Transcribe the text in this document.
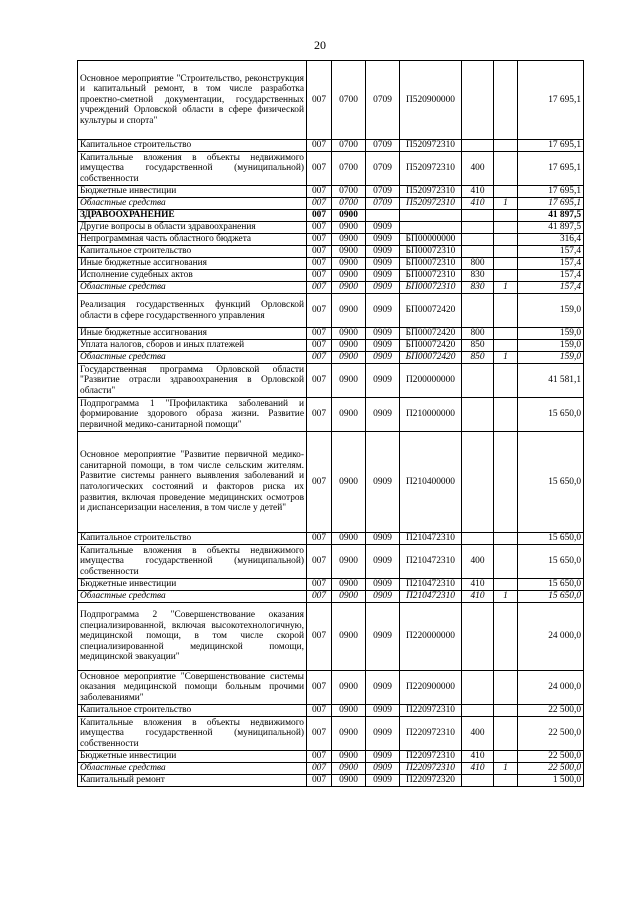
20
Основное мероприятие "Строительство, реконструкция и капитальный ремонт, в том числе разработка проектно-сметной документации, государственных учреждений Орловской области в сфере физической культуры и спорта"	007	0700	0709	П520900000			17 695,1
Капитальное строительство	007	0700	0709	П520972310			17 695,1
Капитальные вложения в объекты недвижимого имущества государственной (муниципальной) собственности	007	0700	0709	П520972310	400		17 695,1
Бюджетные инвестиции	007	0700	0709	П520972310	410		17 695,1
Областные средства	007	0700	0709	П520972310	410	1	17 695,1
ЗДРАВООХРАНЕНИЕ	007	0900					41 897,5
Другие вопросы в области здравоохранения	007	0900	0909				41 897,5
Непрограммная часть областного бюджета	007	0900	0909	БП00000000			316,4
Капитальное строительство	007	0900	0909	БП00072310			157,4
Иные бюджетные ассигнования	007	0900	0909	БП00072310	800		157,4
Исполнение судебных актов	007	0900	0909	БП00072310	830		157,4
Областные средства	007	0900	0909	БП00072310	830	1	157,4
Реализация государственных функций Орловской области в сфере государственного управления	007	0900	0909	БП00072420			159,0
Иные бюджетные ассигнования	007	0900	0909	БП00072420	800		159,0
Уплата налогов, сборов и иных платежей	007	0900	0909	БП00072420	850		159,0
Областные средства	007	0900	0909	БП00072420	850	1	159,0
Государственная программа Орловской области "Развитие отрасли здравоохранения в Орловской области"	007	0900	0909	П200000000			41 581,1
Подпрограмма 1 "Профилактика заболеваний и формирование здорового образа жизни. Развитие первичной медико-санитарной помощи"	007	0900	0909	П210000000			15 650,0
Основное мероприятие "Развитие первичной медико-санитарной помощи, в том числе сельским жителям. Развитие системы раннего выявления заболеваний и патологических состояний и факторов риска их развития, включая проведение медицинских осмотров и диспансеризации населения, в том числе у детей"	007	0900	0909	П210400000			15 650,0
Капитальное строительство	007	0900	0909	П210472310			15 650,0
Капитальные вложения в объекты недвижимого имущества государственной (муниципальной) собственности	007	0900	0909	П210472310	400		15 650,0
Бюджетные инвестиции	007	0900	0909	П210472310	410		15 650,0
Областные средства	007	0900	0909	П210472310	410	1	15 650,0
Подпрограмма 2 "Совершенствование оказания специализированной, включая высокотехнологичную, медицинской помощи, в том числе скорой специализированной медицинской помощи, медицинской эвакуации"	007	0900	0909	П220000000			24 000,0
Основное мероприятие "Совершенствование системы оказания медицинской помощи больным прочими заболеваниями"	007	0900	0909	П220900000			24 000,0
Капитальное строительство	007	0900	0909	П220972310			22 500,0
Капитальные вложения в объекты недвижимого имущества государственной (муниципальной) собственности	007	0900	0909	П220972310	400		22 500,0
Бюджетные инвестиции	007	0900	0909	П220972310	410		22 500,0
Областные средства	007	0900	0909	П220972310	410	1	22 500,0
Капитальный ремонт	007	0900	0909	П220972320			1 500,0
